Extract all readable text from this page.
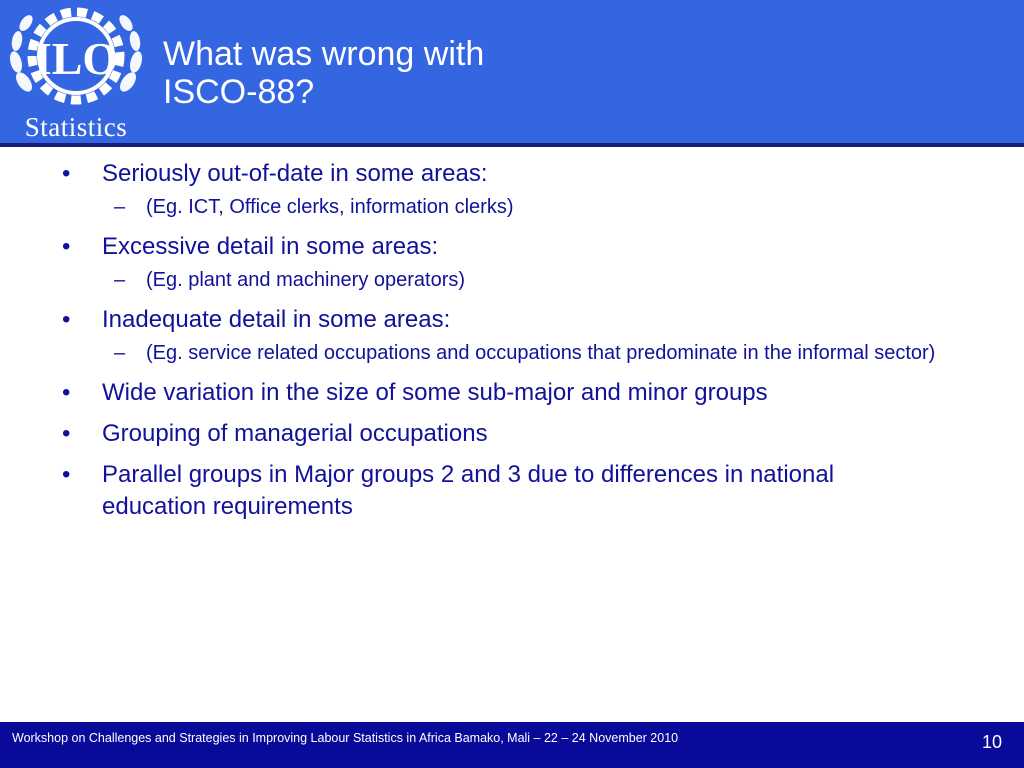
ILO
Statistics
What was wrong with
ISCO-88?
• Seriously out-of-date in some areas:
– (Eg. ICT, Office clerks, information clerks)
• Excessive detail in some areas:
– (Eg. plant and machinery operators)
• Inadequate detail in some areas:
– (Eg. service related occupations and occupations that predominate in the informal sector)
• Wide variation in the size of some sub-major and minor groups
• Grouping of managerial occupations
• Parallel groups in Major groups 2 and 3 due to differences in national education requirements
Workshop on Challenges and Strategies in Improving Labour Statistics in Africa Bamako, Mali – 22 – 24 November 2010	10
